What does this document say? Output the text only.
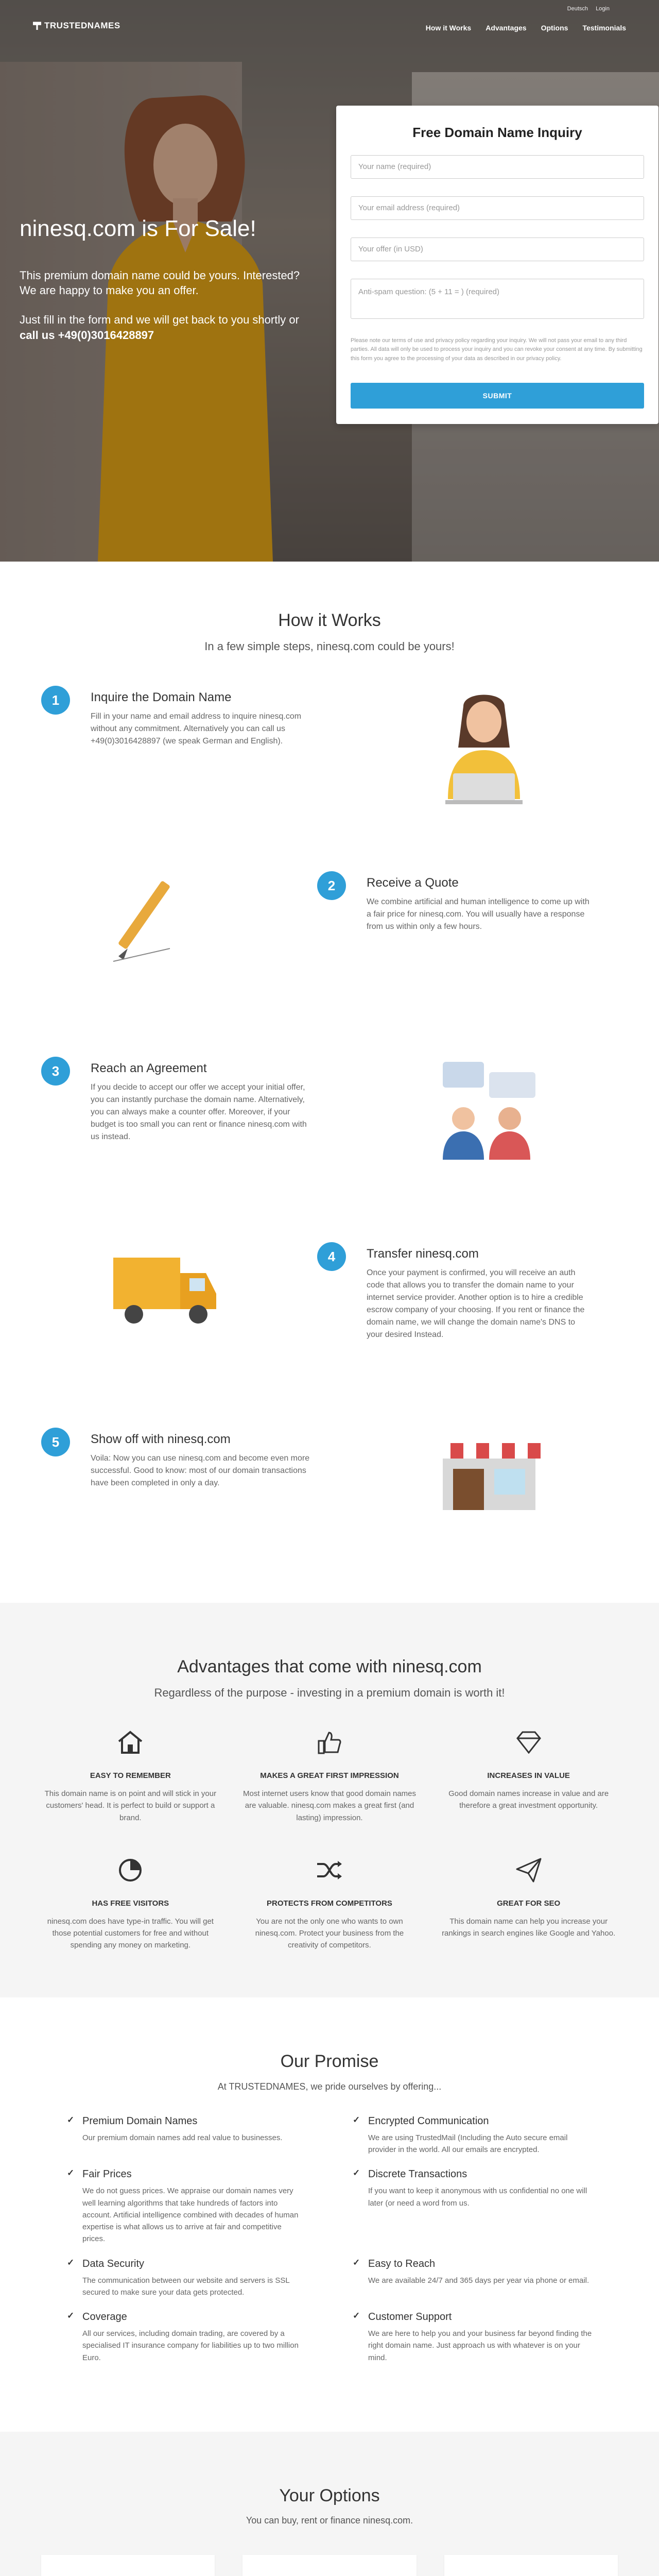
Deutsch Login
TRUSTEDNAMES	How it Works Advantages Options Testimonials
ninesq.com is For Sale!

This premium domain name could be yours. Interested? We are happy to make you an offer.

Just fill in the form and we will get back to you shortly or call us +49(0)3016428897

Free Domain Name Inquiry
Your name (required)
Your email address (required)
Your offer (in USD)
Anti-spam question: (5 + 11 = ) (required)

Please note our terms of use and privacy policy regarding your inquiry. We will not pass your email to any third parties. All data will only be used to process your inquiry and you can revoke your consent at any time. By submitting this form you agree to the processing of your data as described in our privacy policy.

SUBMIT
How it Works

In a few simple steps, ninesq.com could be yours!

1	Inquire the Domain Name

Fill in your name and email address to inquire ninesq.com without any commitment. Alternatively you can call us +49(0)3016428897 (we speak German and English).

2	Receive a Quote

We combine artificial and human intelligence to come up with a fair price for ninesq.com. You will usually have a response from us within only a few hours.

3	Reach an Agreement

If you decide to accept our offer we accept your initial offer, you can instantly purchase the domain name. Alternatively, you can always make a counter offer. Moreover, if your budget is too small you can rent or finance ninesq.com with us instead.

4	Transfer ninesq.com

Once your payment is confirmed, you will receive an auth code that allows you to transfer the domain name to your internet service provider. Another option is to hire a credible escrow company of your choosing. If you rent or finance the domain name, we will change the domain name's DNS to your desired Instead.

5	Show off with ninesq.com

Voila: Now you can use ninesq.com and become even more successful. Good to know: most of our domain transactions have been completed in only a day.

Advantages that come with ninesq.com

Regardless of the purpose - investing in a premium domain is worth it!

EASY TO REMEMBER

This domain name is on point and will stick in your customers' head. It is perfect to build or support a brand.

MAKES A GREAT FIRST IMPRESSION

Most internet users know that good domain names are valuable. ninesq.com makes a great first (and lasting) impression.

INCREASES IN VALUE

Good domain names increase in value and are therefore a great investment opportunity.

HAS FREE VISITORS

ninesq.com does have type-in traffic. You will get those potential customers for free and without spending any money on marketing.

PROTECTS FROM COMPETITORS

You are not the only one who wants to own ninesq.com. Protect your business from the creativity of competitors.

GREAT FOR SEO

This domain name can help you increase your rankings in search engines like Google and Yahoo.

Our Promise

At TRUSTEDNAMES, we pride ourselves by offering...

✓ Premium Domain Names

Our premium domain names add real value to businesses.

✓ Encrypted Communication

We are using TrustedMail (Including the Auto secure email provider in the world. All our emails are encrypted.

✓ Fair Prices

We do not guess prices. We appraise our domain names very well learning algorithms that take hundreds of factors into account. Artificial intelligence combined with decades of human expertise is what allows us to arrive at fair and competitive prices.

✓ Discrete Transactions

If you want to keep it anonymous with us confidential no one will later (or need a word from us.

✓ Data Security

The communication between our website and servers is SSL secured to make sure your data gets protected.

✓ Easy to Reach

We are available 24/7 and 365 days per year via phone or email.

✓ Coverage

All our services, including domain trading, are covered by a specialised IT insurance company for liabilities up to two million Euro.

✓ Customer Support

We are here to help you and your business far beyond finding the right domain name. Just approach us with whatever is on your mind.

Your Options

You can buy, rent or finance ninesq.com.
